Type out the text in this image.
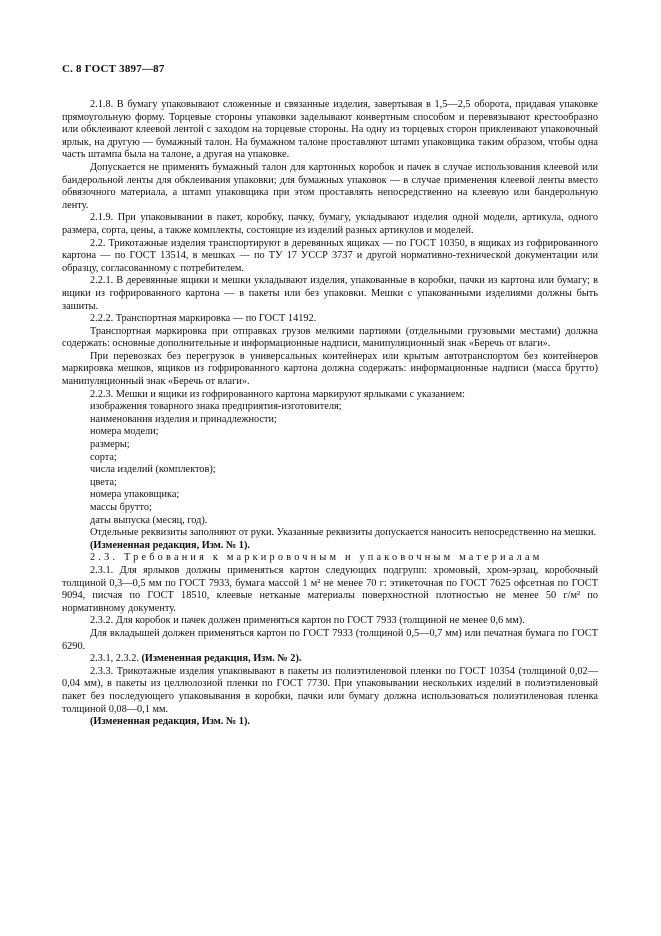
С. 8 ГОСТ 3897—87

2.1.8. В бумагу упаковывают сложенные и связанные изделия, завертывая в 1,5—2,5 оборота, придавая упаковке прямоугольную форму. Торцевые стороны упаковки заделывают конвертным способом и перевязывают крестообразно или обклеивают клеевой лентой с заходом на торцевые стороны. На одну из торцевых сторон приклеивают упаковочный ярлык, на другую — бумажный талон. На бумажном талоне проставляют штамп упаковщика таким образом, чтобы одна часть штампа была на талоне, а другая на упаковке.

Допускается не применять бумажный талон для картонных коробок и пачек в случае использования клеевой или бандерольной ленты для обклеивания упаковки; для бумажных упаковок — в случае применения клеевой ленты вместо обвязочного материала, а штамп упаковщика при этом проставлять непосредственно на клеевую или бандерольную ленту.

2.1.9. При упаковывании в пакет, коробку, пачку, бумагу, укладывают изделия одной модели, артикула, одного размера, сорта, цены, а также комплекты, состоящие из изделий разных артикулов и моделей.

2.2. Трикотажные изделия транспортируют в деревянных ящиках — по ГОСТ 10350, в ящиках из гофрированного картона — по ГОСТ 13514, в мешках — по ТУ 17 УССР 3737 и другой нормативно-технической документации или образцу, согласованному с потребителем.

2.2.1. В деревянные ящики и мешки укладывают изделия, упакованные в коробки, пачки из картона или бумагу; в ящики из гофрированного картона — в пакеты или без упаковки. Мешки с упакованными изделиями должны быть зашиты.

2.2.2. Транспортная маркировка — по ГОСТ 14192.

Транспортная маркировка при отправках грузов мелкими партиями (отдельными грузовыми местами) должна содержать: основные дополнительные и информационные надписи, манипуляционный знак «Беречь от влаги».

При перевозках без перегрузок в универсальных контейнерах или крытым автотранспортом без контейнеров маркировка мешков, ящиков из гофрированного картона должна содержать: информационные надписи (масса брутто) манипуляционный знак «Беречь от влаги».

2.2.3. Мешки и ящики из гофрированного картона маркируют ярлыками с указанием:

изображения товарного знака предприятия-изготовителя;

наименования изделия и принадлежности;

номера модели;

размеры;

сорта;

числа изделий (комплектов);

цвета;

номера упаковщика;

массы брутто;

даты выпуска (месяц, год).

Отдельные реквизиты заполняют от руки. Указанные реквизиты допускается наносить непосредственно на мешки.

(Измененная редакция, Изм. № 1).

2.3. Требования к маркировочным и упаковочным материалам

2.3.1. Для ярлыков должны применяться картон следующих подгрупп: хромовый, хром-эрзац, коробочный толщиной 0,3—0,5 мм по ГОСТ 7933, бумага массой 1 м² не менее 70 г: этикеточная по ГОСТ 7625 офсетная по ГОСТ 9094, писчая по ГОСТ 18510, клеевые нетканые материалы поверхностной плотностью не менее 50 г/м² по нормативному документу.

2.3.2. Для коробок и пачек должен применяться картон по ГОСТ 7933 (толщиной не менее 0,6 мм).

Для вкладышей должен применяться картон по ГОСТ 7933 (толщиной 0,5—0,7 мм) или печатная бумага по ГОСТ 6290.

2.3.1, 2.3.2. (Измененная редакция, Изм. № 2).

2.3.3. Трикотажные изделия упаковывают в пакеты из полиэтиленовой пленки по ГОСТ 10354 (толщиной 0,02—0,04 мм), в пакеты из целлюлозной пленки по ГОСТ 7730. При упаковывании нескольких изделий в полиэтиленовый пакет без последующего упаковывания в коробки, пачки или бумагу должна использоваться полиэтиленовая пленка толщиной 0,08—0,1 мм.

(Измененная редакция, Изм. № 1).
